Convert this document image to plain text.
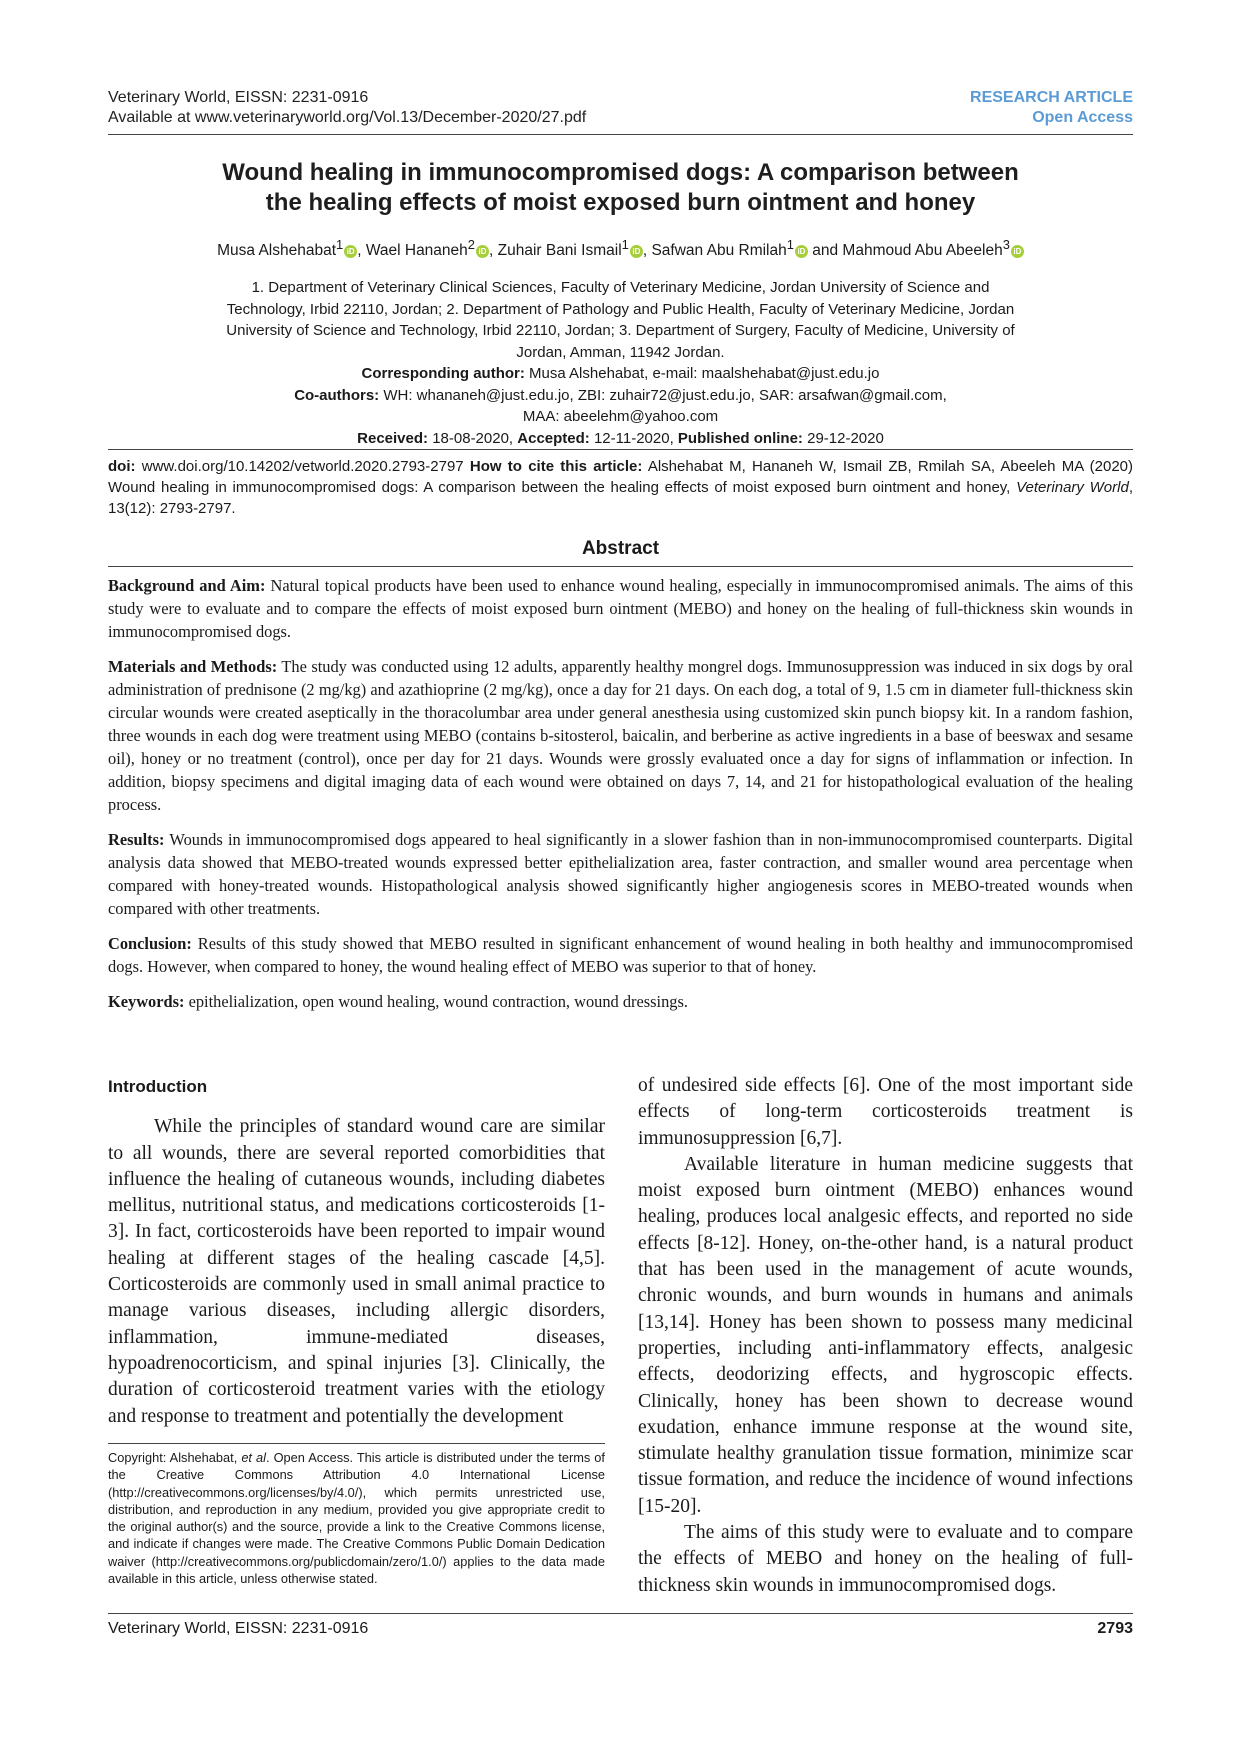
Veterinary World, EISSN: 2231-0916
Available at www.veterinaryworld.org/Vol.13/December-2020/27.pdf
RESEARCH ARTICLE
Open Access
Wound healing in immunocompromised dogs: A comparison between
the healing effects of moist exposed burn ointment and honey
Musa Alshehabat$^1$ iD , Wael Hananeh$^2$ iD , Zuhair Bani Ismail$^1$ iD , Safwan Abu Rmilah$^1$ iD and Mahmoud Abu Abeeleh$^3$ iD
1. Department of Veterinary Clinical Sciences, Faculty of Veterinary Medicine, Jordan University of Science and
Technology, Irbid 22110, Jordan; 2. Department of Pathology and Public Health, Faculty of Veterinary Medicine, Jordan
University of Science and Technology, Irbid 22110, Jordan; 3. Department of Surgery, Faculty of Medicine, University of
Jordan, Amman, 11942 Jordan.
Corresponding author: Musa Alshehabat, e-mail: maalshehabat@just.edu.jo
Co-authors: WH: whananeh@just.edu.jo, ZBI: zuhair72@just.edu.jo, SAR: arsafwan@gmail.com,
MAA: abeelehm@yahoo.com
Received: 18-08-2020, Accepted: 12-11-2020, Published online: 29-12-2020
doi: www.doi.org/10.14202/vetworld.2020.2793-2797 How to cite this article: Alshehabat M, Hananeh W, Ismail ZB, Rmilah SA, Abeeleh MA (2020) Wound healing in immunocompromised dogs: A comparison between the healing effects of moist exposed burn ointment and honey, Veterinary World, 13(12): 2793-2797.
Abstract

Background and Aim: Natural topical products have been used to enhance wound healing, especially in immunocompromised animals. The aims of this study were to evaluate and to compare the effects of moist exposed burn ointment (MEBO) and honey on the healing of full-thickness skin wounds in immunocompromised dogs.

Materials and Methods: The study was conducted using 12 adults, apparently healthy mongrel dogs. Immunosuppression was induced in six dogs by oral administration of prednisone (2 mg/kg) and azathioprine (2 mg/kg), once a day for 21 days. On each dog, a total of 9, 1.5 cm in diameter full-thickness skin circular wounds were created aseptically in the thoracolumbar area under general anesthesia using customized skin punch biopsy kit. In a random fashion, three wounds in each dog were treatment using MEBO (contains b-sitosterol, baicalin, and berberine as active ingredients in a base of beeswax and sesame oil), honey or no treatment (control), once per day for 21 days. Wounds were grossly evaluated once a day for signs of inflammation or infection. In addition, biopsy specimens and digital imaging data of each wound were obtained on days 7, 14, and 21 for histopathological evaluation of the healing process.

Results: Wounds in immunocompromised dogs appeared to heal significantly in a slower fashion than in non-immunocompromised counterparts. Digital analysis data showed that MEBO-treated wounds expressed better epithelialization area, faster contraction, and smaller wound area percentage when compared with honey-treated wounds. Histopathological analysis showed significantly higher angiogenesis scores in MEBO-treated wounds when compared with other treatments.

Conclusion: Results of this study showed that MEBO resulted in significant enhancement of wound healing in both healthy and immunocompromised dogs. However, when compared to honey, the wound healing effect of MEBO was superior to that of honey.

Keywords: epithelialization, open wound healing, wound contraction, wound dressings.

Introduction

While the principles of standard wound care are similar to all wounds, there are several reported comorbidities that influence the healing of cutaneous wounds, including diabetes mellitus, nutritional status, and medications corticosteroids [1-3]. In fact, corticosteroids have been reported to impair wound healing at different stages of the healing cascade [4,5]. Corticosteroids are commonly used in small animal practice to manage various diseases, including allergic disorders, inflammation, immune-mediated diseases, hypoadrenocorticism, and spinal injuries [3]. Clinically, the duration of corticosteroid treatment varies with the etiology and response to treatment and potentially the development

of undesired side effects [6]. One of the most important side effects of long-term corticosteroids treatment is immunosuppression [6,7].

Available literature in human medicine suggests that moist exposed burn ointment (MEBO) enhances wound healing, produces local analgesic effects, and reported no side effects [8-12]. Honey, on-the-other hand, is a natural product that has been used in the management of acute wounds, chronic wounds, and burn wounds in humans and animals [13,14]. Honey has been shown to possess many medicinal properties, including anti-inflammatory effects, analgesic effects, deodorizing effects, and hygroscopic effects. Clinically, honey has been shown to decrease wound exudation, enhance immune response at the wound site, stimulate healthy granulation tissue formation, minimize scar tissue formation, and reduce the incidence of wound infections [15-20].

The aims of this study were to evaluate and to compare the effects of MEBO and honey on the healing of full-thickness skin wounds in immunocompromised dogs.

Copyright: Alshehabat, et al. Open Access. This article is distributed under the terms of the Creative Commons Attribution 4.0 International License (http://creativecommons.org/licenses/by/4.0/), which permits unrestricted use, distribution, and reproduction in any medium, provided you give appropriate credit to the original author(s) and the source, provide a link to the Creative Commons license, and indicate if changes were made. The Creative Commons Public Domain Dedication waiver (http://creativecommons.org/publicdomain/zero/1.0/) applies to the data made available in this article, unless otherwise stated.
Veterinary World, EISSN: 2231-0916	2793
